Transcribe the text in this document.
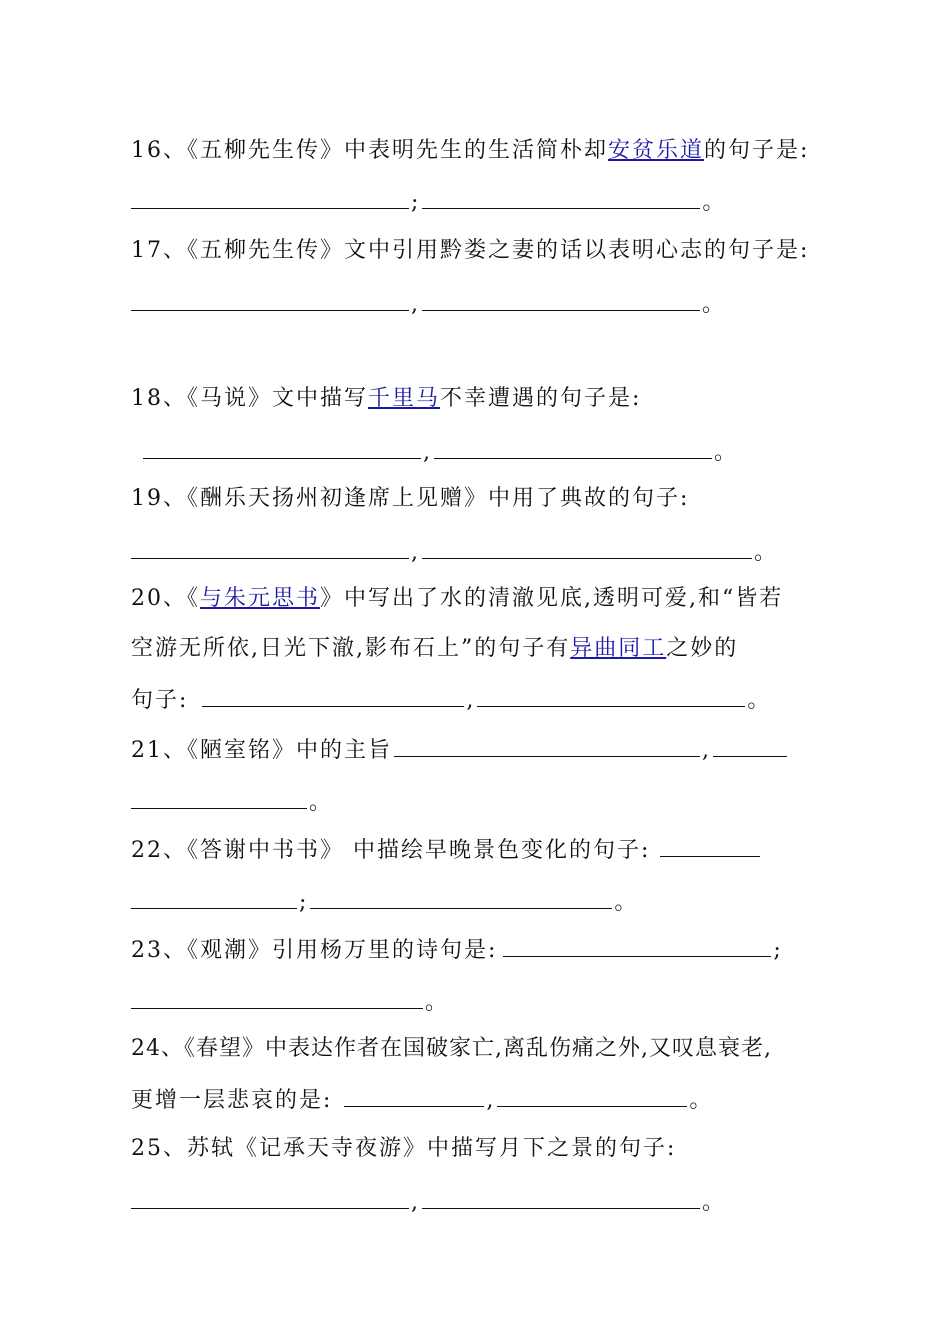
16、《五柳先生传》中表明先生的生活简朴却安贫乐道的句子是:
;	。
17、《五柳先生传》文中引用黔娄之妻的话以表明心志的句子是:
,	。
18、《马说》文中描写千里马不幸遭遇的句子是:
,	。
19、《酬乐天扬州初逢席上见赠》中用了典故的句子:
,	。
20、《与朱元思书》中写出了水的清澈见底,透明可爱,和“皆若
空游无所依,日光下澈,影布石上”的句子有异曲同工之妙的
句子:	,	。
21、《陋室铭》中的主旨	,
。
22、《答谢中书书》 中描绘早晚景色变化的句子:
;	。
23、《观潮》引用杨万里的诗句是:	;
。
24、《春望》中表达作者在国破家亡,离乱伤痛之外,又叹息衰老,
更增一层悲哀的是:	,	。
25、苏轼《记承天寺夜游》中描写月下之景的句子:
,	。
